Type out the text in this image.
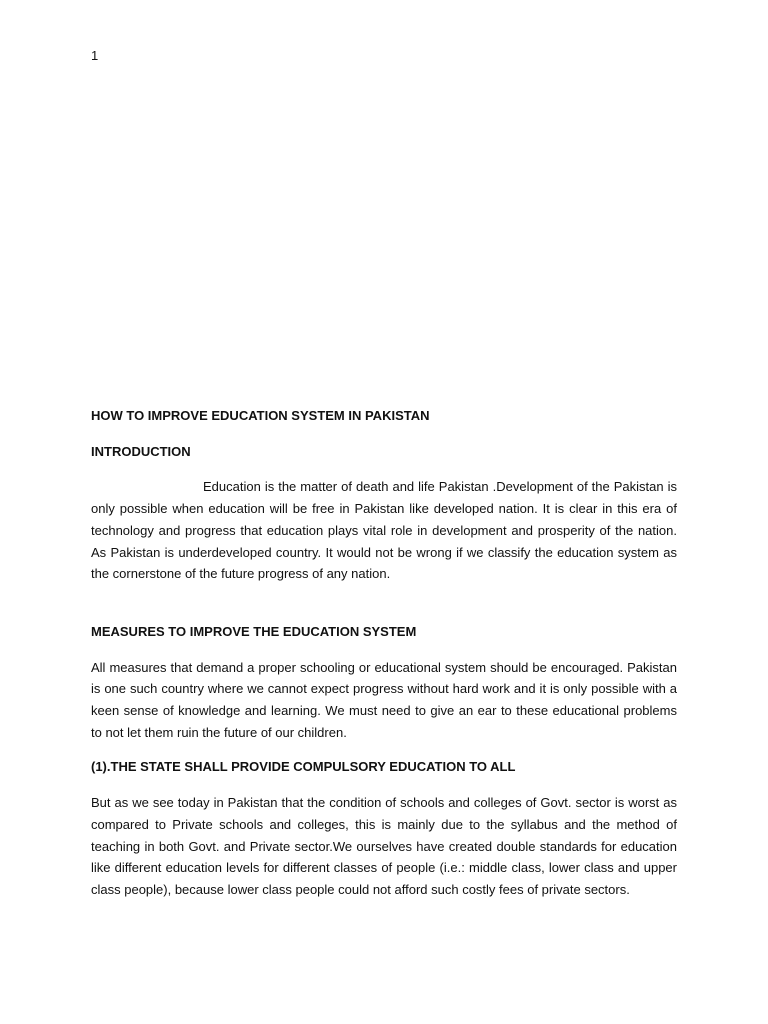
1

HOW TO IMPROVE EDUCATION SYSTEM IN PAKISTAN

INTRODUCTION

Education is the matter of death and life Pakistan .Development of the Pakistan is only possible when education will be free in Pakistan like developed nation. It is clear in this era of technology and progress that education plays vital role in development and prosperity of the nation. As Pakistan is underdeveloped country. It would not be wrong if we classify the education system as the cornerstone of the future progress of any nation.

MEASURES TO IMPROVE THE EDUCATION SYSTEM

All measures that demand a proper schooling or educational system should be encouraged. Pakistan is one such country where we cannot expect progress without hard work and it is only possible with a keen sense of knowledge and learning. We must need to give an ear to these educational problems to not let them ruin the future of our children.

(1).THE STATE SHALL PROVIDE COMPULSORY EDUCATION TO ALL

But as we see today in Pakistan that the condition of schools and colleges of Govt. sector is worst as compared to Private schools and colleges, this is mainly due to the syllabus and the method of teaching in both Govt. and Private sector.We ourselves have created double standards for education like different education levels for different classes of people (i.e.: middle class, lower class and upper class people), because lower class people could not afford such costly fees of private sectors.
